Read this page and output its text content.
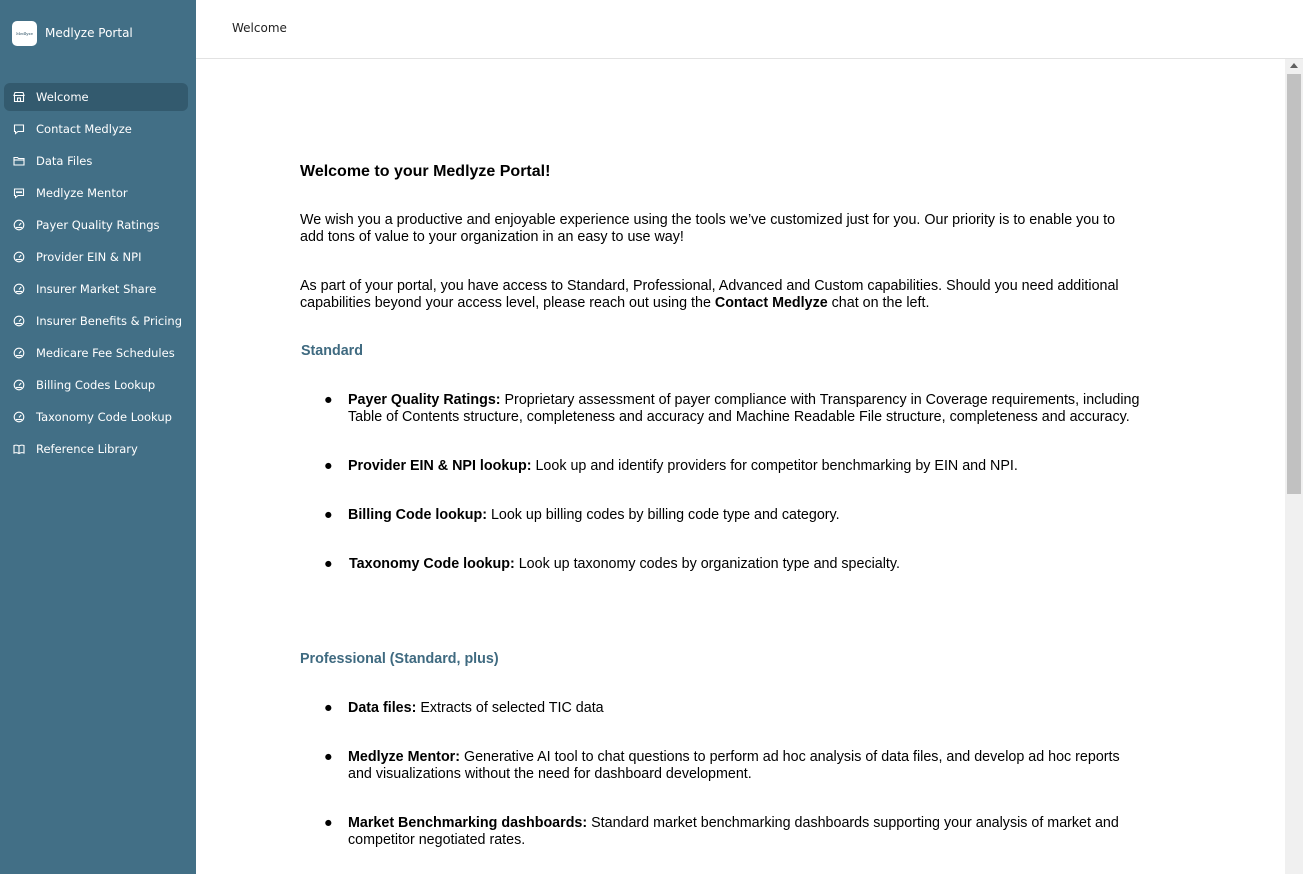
Medlyze Medlyze Portal
Welcome
Contact Medlyze
Data Files
Medlyze Mentor
Payer Quality Ratings
Provider EIN & NPI
Insurer Market Share
Insurer Benefits & Pricing
Medicare Fee Schedules
Billing Codes Lookup
Taxonomy Code Lookup
Reference Library
Welcome
Welcome to your Medlyze Portal!
We wish you a productive and enjoyable experience using the tools we’ve customized just for you. Our priority is to enable you to
add tons of value to your organization in an easy to use way!
As part of your portal, you have access to Standard, Professional, Advanced and Custom capabilities. Should you need additional
capabilities beyond your access level, please reach out using the Contact Medlyze chat on the left.
Standard
● Payer Quality Ratings: Proprietary assessment of payer compliance with Transparency in Coverage requirements, including
Table of Contents structure, completeness and accuracy and Machine Readable File structure, completeness and accuracy.
● Provider EIN & NPI lookup: Look up and identify providers for competitor benchmarking by EIN and NPI.
● Billing Code lookup: Look up billing codes by billing code type and category.
● Taxonomy Code lookup: Look up taxonomy codes by organization type and specialty.
Professional (Standard, plus)
● Data files: Extracts of selected TIC data
● Medlyze Mentor: Generative AI tool to chat questions to perform ad hoc analysis of data files, and develop ad hoc reports
and visualizations without the need for dashboard development.
● Market Benchmarking dashboards: Standard market benchmarking dashboards supporting your analysis of market and
competitor negotiated rates.
